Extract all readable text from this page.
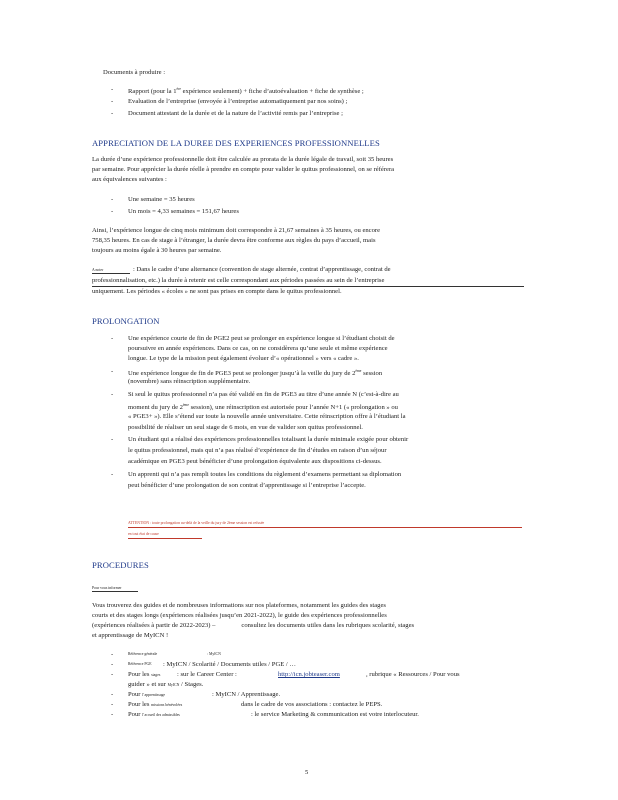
Documents à produire :
- Rapport (pour la 1ère expérience seulement) + fiche d’autoévaluation + fiche de synthèse ;
- Evaluation de l’entreprise (envoyée à l’entreprise automatiquement par nos soins) ;
- Document attestant de la durée et de la nature de l’activité remis par l’entreprise ;
APPRECIATION DE LA DUREE DES EXPERIENCES PROFESSIONNELLES
La durée d’une expérience professionnelle doit être calculée au prorata de la durée légale de travail, soit 35 heures
par semaine. Pour apprécier la durée réelle à prendre en compte pour valider le quitus professionnel, on se référera
aux équivalences suivantes :
- Une semaine = 35 heures
- Un mois = 4,33 semaines = 151,67 heures
Ainsi, l’expérience longue de cinq mois minimum doit correspondre à 21,67 semaines à 35 heures, ou encore
758,35 heures. En cas de stage à l’étranger, la durée devra être conforme aux règles du pays d’accueil, mais
toujours au moins égale à 30 heures par semaine.
A noter	: Dans le cadre d’une alternance (convention de stage alternée, contrat d’apprentissage, contrat de
professionnalisation, etc.) la durée à retenir est celle correspondant aux périodes passées au sein de l’entreprise
uniquement. Les périodes « écoles » ne sont pas prises en compte dans le quitus professionnel.
PROLONGATION
- Une expérience courte de fin de PGE2 peut se prolonger en expérience longue si l’étudiant choisit de
poursuivre en année expériences. Dans ce cas, on ne considèrera qu’une seule et même expérience
longue. Le type de la mission peut également évoluer d’« opérationnel » vers « cadre ».
- Une expérience longue de fin de PGE3 peut se prolonger jusqu’à la veille du jury de 2ème session
(novembre) sans réinscription supplémentaire.
- Si seul le quitus professionnel n’a pas été validé en fin de PGE3 au titre d’une année N (c’est-à-dire au
moment du jury de 2ème session), une réinscription est autorisée pour l’année N+1 (« prolongation » ou
« PGE3+ »). Elle s’étend sur toute la nouvelle année universitaire. Cette réinscription offre à l’étudiant la
possibilité de réaliser un seul stage de 6 mois, en vue de valider son quitus professionnel.
- Un étudiant qui a réalisé des expériences professionnelles totalisant la durée minimale exigée pour obtenir
le quitus professionnel, mais qui n’a pas réalisé d’expérience de fin d’études en raison d’un séjour
académique en PGE3 peut bénéficier d’une prolongation équivalente aux dispositions ci-dessus.
- Un apprenti qui n’a pas rempli toutes les conditions du règlement d’examens permettant sa diplomation
peut bénéficier d’une prolongation de son contrat d’apprentissage si l’entreprise l’accepte.
ATTENTION : toute prolongation au-delà de la veille du jury de 2ème session est refusée
en tout état de cause
PROCEDURES
Pour vous informer
Vous trouverez des guides et de nombreuses informations sur nos plateformes, notamment les guides des stages
courts et des stages longs (expériences réalisées jusqu’en 2021-2022), le guide des expériences professionnelles
(expériences réalisées à partir de 2022-2023) –	consultez les documents utiles dans les rubriques scolarité, stages
et apprentissage de MyICN !
-	Référence générale	: MyICN
-	Référence PGE : MyICN / Scolarité / Documents utiles / PGE / …
- Pour les stages	: sur le Career Center :	http://icn.jobteaser.com	, rubrique « Ressources / Pour vous
guider » et sur MyICN / Stages.
- Pour l’apprentissage	: MyICN / Apprentissage.
- Pour les missions bénévolées	dans le cadre de vos associations : contactez le PEPS.
- Pour l’accueil des admissibles	: le service Marketing & communication est votre interlocuteur.
5
